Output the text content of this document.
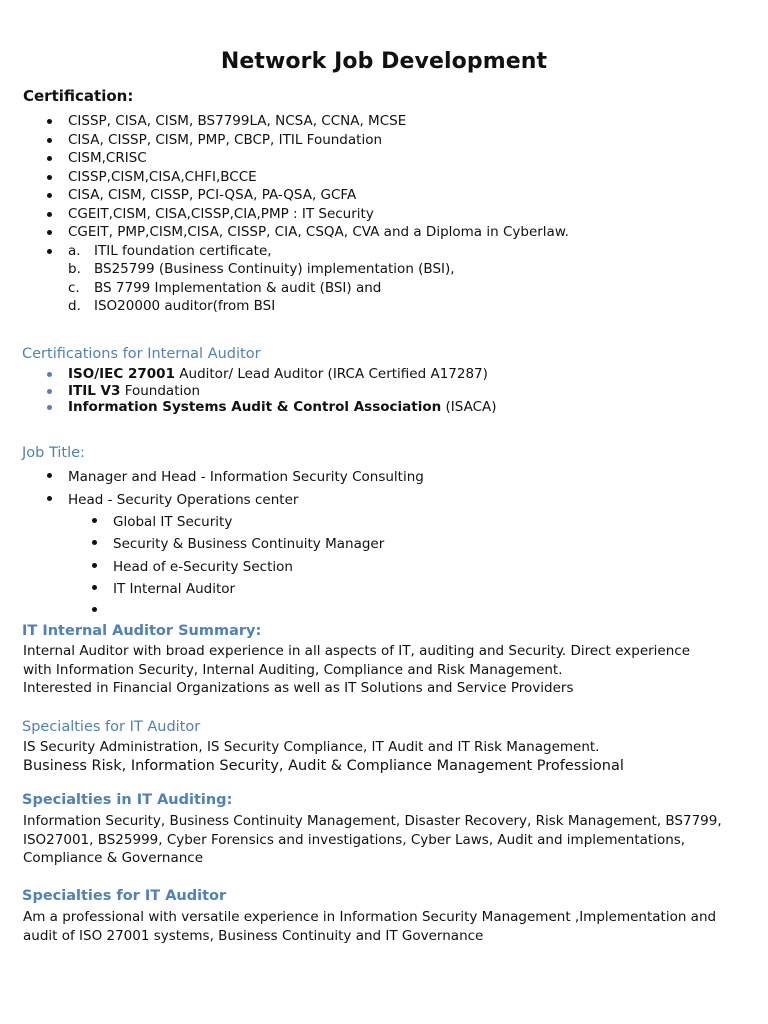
Network Job Development
Certification:
CISSP, CISA, CISM, BS7799LA, NCSA, CCNA, MCSE
CISA, CISSP, CISM, PMP, CBCP, ITIL Foundation
CISM,CRISC
CISSP,CISM,CISA,CHFI,BCCE
CISA, CISM, CISSP, PCI-QSA, PA-QSA, GCFA
CGEIT,CISM, CISA,CISSP,CIA,PMP : IT Security
CGEIT, PMP,CISM,CISA, CISSP, CIA, CSQA, CVA and a Diploma in Cyberlaw.
a. ITIL foundation certificate,
b. BS25799 (Business Continuity) implementation (BSI),
c. BS 7799 Implementation & audit (BSI) and
d. ISO20000 auditor(from BSI
Certifications for Internal Auditor
ISO/IEC 27001 Auditor/ Lead Auditor (IRCA Certified A17287)
ITIL V3 Foundation
Information Systems Audit & Control Association (ISACA)
Job Title:
Manager and Head - Information Security Consulting
Head - Security Operations center
Global IT Security
Security & Business Continuity Manager
Head of e-Security Section
IT Internal Auditor
IT Internal Auditor Summary:
Internal Auditor with broad experience in all aspects of IT, auditing and Security. Direct experience
with Information Security, Internal Auditing, Compliance and Risk Management.
Interested in Financial Organizations as well as IT Solutions and Service Providers
Specialties for IT Auditor
IS Security Administration, IS Security Compliance, IT Audit and IT Risk Management.
Business Risk, Information Security, Audit & Compliance Management Professional
Specialties in IT Auditing:
Information Security, Business Continuity Management, Disaster Recovery, Risk Management, BS7799,
ISO27001, BS25999, Cyber Forensics and investigations, Cyber Laws, Audit and implementations,
Compliance & Governance
Specialties for IT Auditor
Am a professional with versatile experience in Information Security Management ,Implementation and
audit of ISO 27001 systems, Business Continuity and IT Governance
